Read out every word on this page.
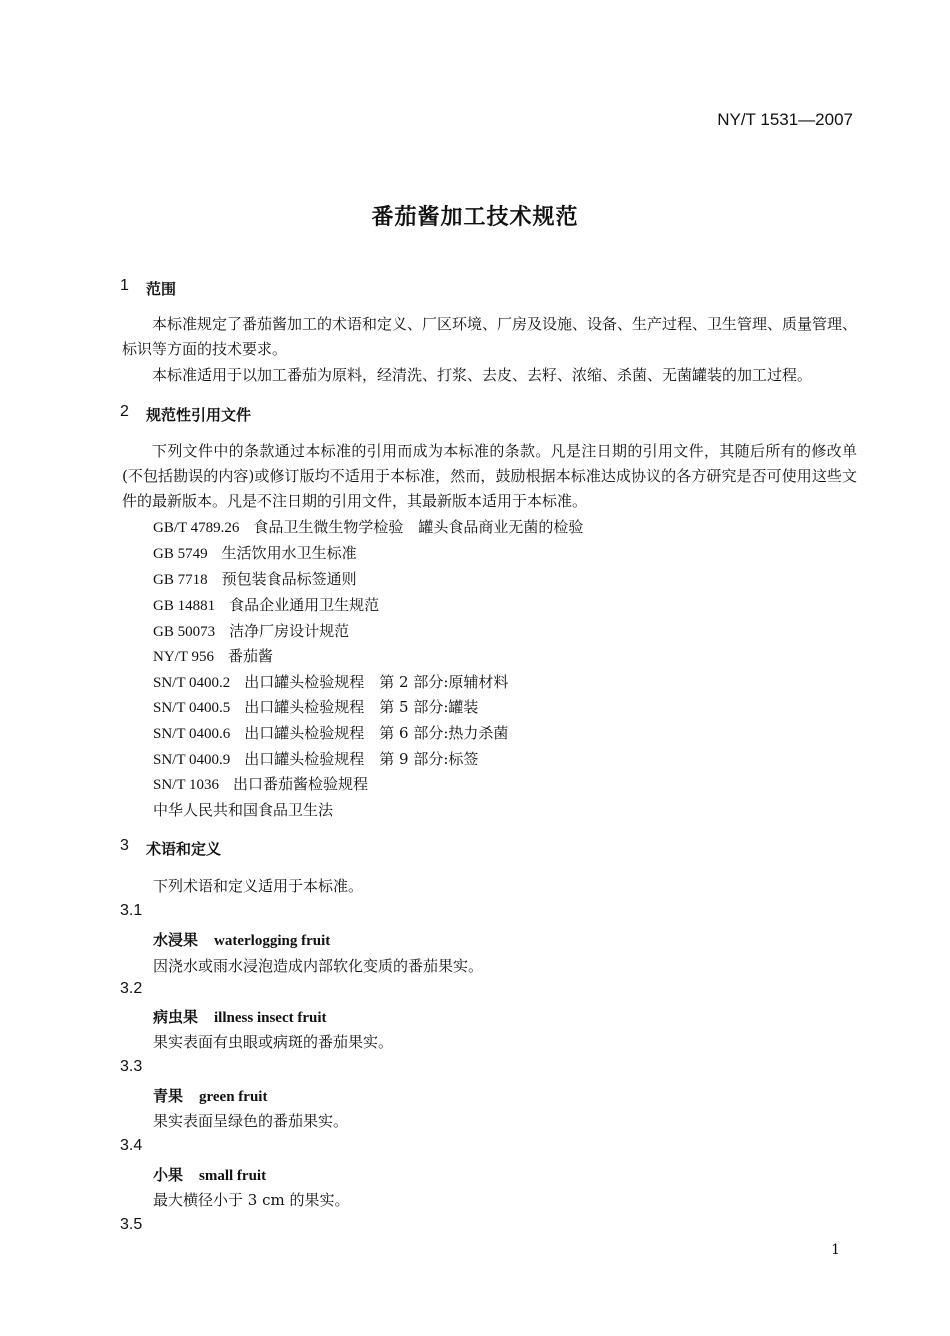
NY/T 1531—2007
番茄酱加工技术规范
1 范围
本标准规定了番茄酱加工的术语和定义、厂区环境、厂房及设施、设备、生产过程、卫生管理、质量管理、标识等方面的技术要求。
本标准适用于以加工番茄为原料，经清洗、打浆、去皮、去籽、浓缩、杀菌、无菌罐装的加工过程。
2 规范性引用文件
下列文件中的条款通过本标准的引用而成为本标准的条款。凡是注日期的引用文件，其随后所有的修改单(不包括勘误的内容)或修订版均不适用于本标准，然而，鼓励根据本标准达成协议的各方研究是否可使用这些文件的最新版本。凡是不注日期的引用文件，其最新版本适用于本标准。
GB/T 4789.26 食品卫生微生物学检验　罐头食品商业无菌的检验
GB 5749 生活饮用水卫生标准
GB 7718 预包装食品标签通则
GB 14881 食品企业通用卫生规范
GB 50073 洁净厂房设计规范
NY/T 956 番茄酱
SN/T 0400.2 出口罐头检验规程　第 2 部分:原辅材料
SN/T 0400.5 出口罐头检验规程　第 5 部分:罐装
SN/T 0400.6 出口罐头检验规程　第 6 部分:热力杀菌
SN/T 0400.9 出口罐头检验规程　第 9 部分:标签
SN/T 1036 出口番茄酱检验规程
中华人民共和国食品卫生法
3 术语和定义
下列术语和定义适用于本标准。
3.1
水浸果 waterlogging fruit
因浇水或雨水浸泡造成内部软化变质的番茄果实。
3.2
病虫果 illness insect fruit
果实表面有虫眼或病斑的番茄果实。
3.3
青果 green fruit
果实表面呈绿色的番茄果实。
3.4
小果 small fruit
最大横径小于 3 cm 的果实。
3.5
1
